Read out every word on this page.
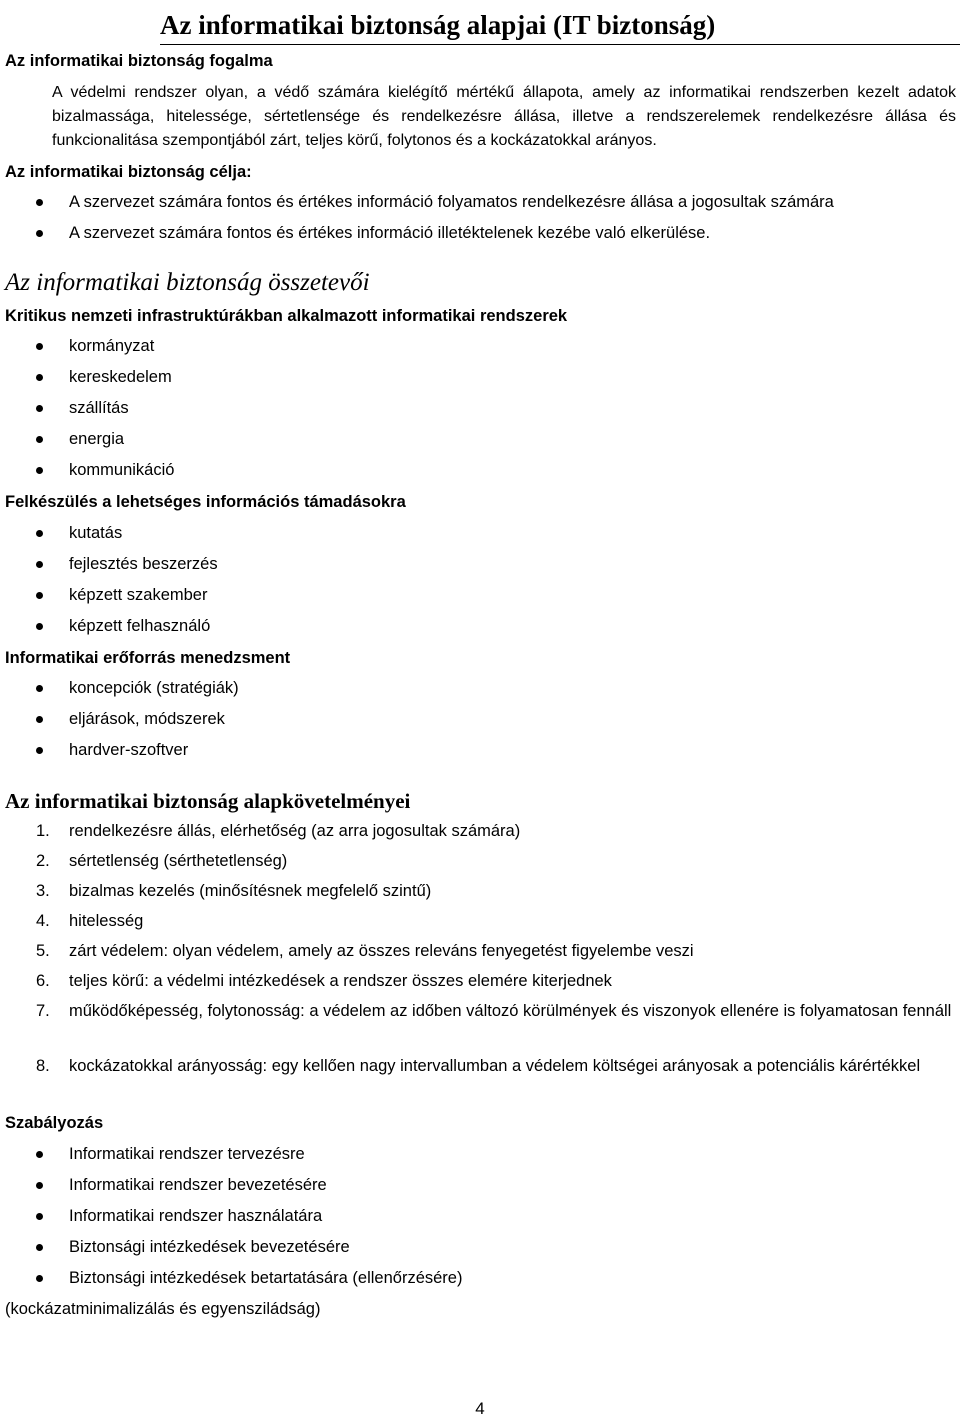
Az informatikai biztonság alapjai (IT biztonság)
Az informatikai biztonság fogalma
A védelmi rendszer olyan, a védő számára kielégítő mértékű állapota, amely az informatikai rendszerben kezelt adatok bizalmassága, hitelessége, sértetlensége és rendelkezésre állása, illetve a rendszerelemek rendelkezésre állása és funkcionalitása szempontjából zárt, teljes körű, folytonos és a kockázatokkal arányos.
Az informatikai biztonság célja:
A szervezet számára fontos és értékes információ folyamatos rendelkezésre állása a jogosultak számára
A szervezet számára fontos és értékes információ illetéktelenek kezébe való elkerülése.
Az informatikai biztonság összetevői
Kritikus nemzeti infrastruktúrákban alkalmazott informatikai rendszerek
kormányzat
kereskedelem
szállítás
energia
kommunikáció
Felkészülés a lehetséges információs támadásokra
kutatás
fejlesztés beszerzés
képzett szakember
képzett felhasználó
Informatikai erőforrás menedzsment
koncepciók (stratégiák)
eljárások, módszerek
hardver-szoftver
Az informatikai biztonság alapkövetelményei
1. rendelkezésre állás, elérhetőség (az arra jogosultak számára)
2. sértetlenség (sérthetetlenség)
3. bizalmas kezelés (minősítésnek megfelelő szintű)
4. hitelesség
5. zárt védelem: olyan védelem, amely az összes releváns fenyegetést figyelembe veszi
6. teljes körű: a védelmi intézkedések a rendszer összes elemére kiterjednek
7. működőképesség, folytonosság: a védelem az időben változó körülmények és viszonyok ellenére is folyamatosan fennáll
8. kockázatokkal arányosság: egy kellően nagy intervallumban a védelem költségei arányosak a potenciális kárértékkel
Szabályozás
Informatikai rendszer tervezésre
Informatikai rendszer bevezetésére
Informatikai rendszer használatára
Biztonsági intézkedések bevezetésére
Biztonsági intézkedések betartatására (ellenőrzésére)
(kockázatminimalizálás és egyensziládság)
4
